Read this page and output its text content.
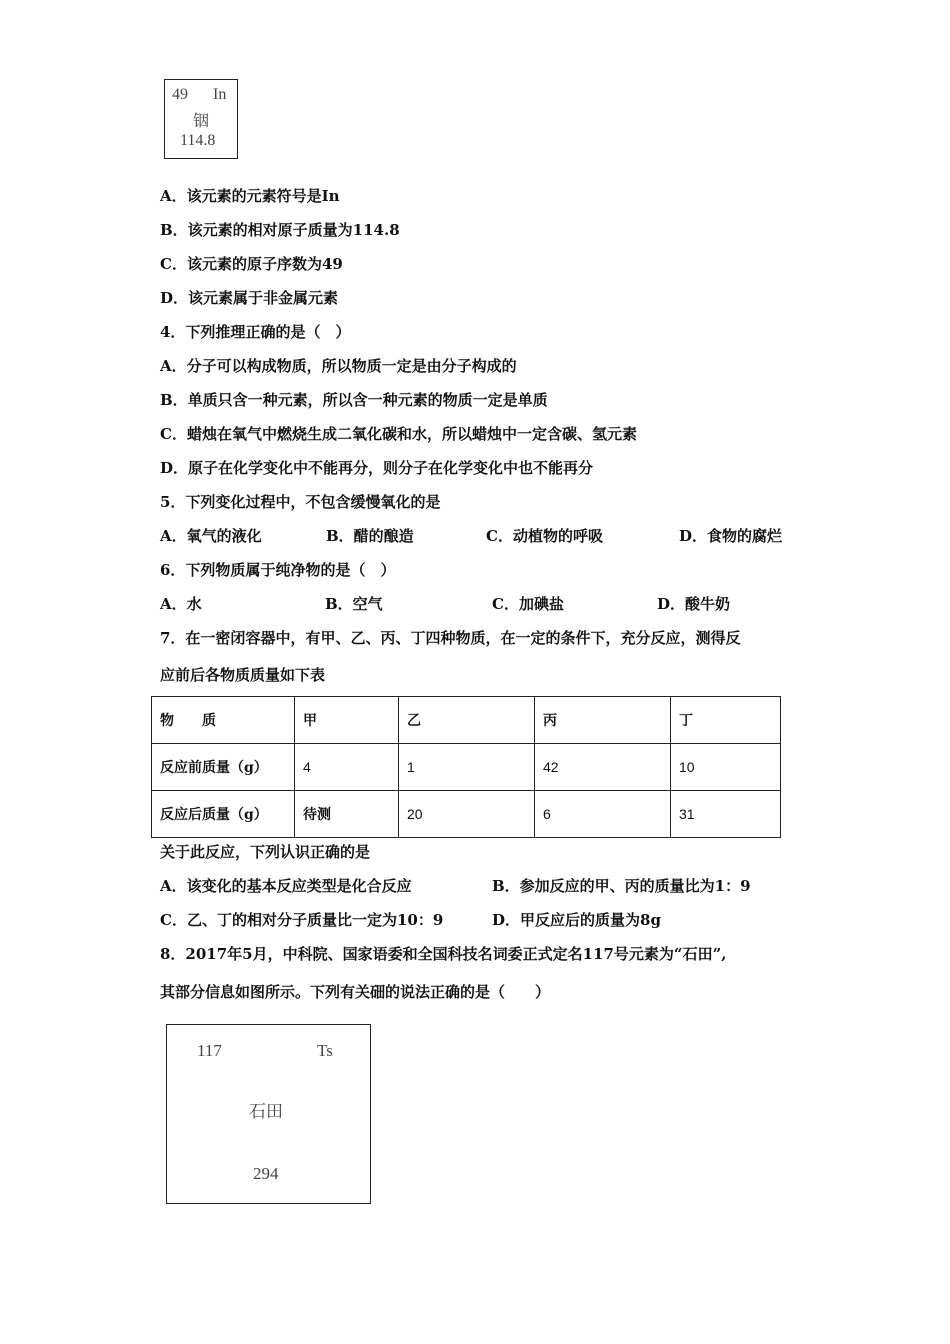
49 In
铟
114.8
A．该元素的元素符号是In
B．该元素的相对原子质量为114.8
C．该元素的原子序数为49
D．该元素属于非金属元素
4．下列推理正确的是（　）
A．分子可以构成物质，所以物质一定是由分子构成的
B．单质只含一种元素，所以含一种元素的物质一定是单质
C．蜡烛在氧气中燃烧生成二氧化碳和水，所以蜡烛中一定含碳、氢元素
D．原子在化学变化中不能再分，则分子在化学变化中也不能再分
5．下列变化过程中，不包含缓慢氧化的是
A．氧气的液化	B．醋的酿造	C．动植物的呼吸	D．食物的腐烂
6．下列物质属于纯净物的是（　）
A．水	B．空气	C．加碘盐	D．酸牛奶
7．在一密闭容器中，有甲、乙、丙、丁四种物质，在一定的条件下，充分反应，测得反
应前后各物质质量如下表
物　　质	甲	乙	丙	丁
反应前质量（g）	4	1	42	10
反应后质量（g）	待测	20	6	31
关于此反应，下列认识正确的是
A．该变化的基本反应类型是化合反应	B．参加反应的甲、丙的质量比为1：9
C．乙、丁的相对分子质量比一定为10：9	D．甲反应后的质量为8g
8．2017年5月，中科院、国家语委和全国科技名词委正式定名117号元素为“石田”,
其部分信息如图所示。下列有关鿬的说法正确的是（　　）
117	Ts
石田
294
